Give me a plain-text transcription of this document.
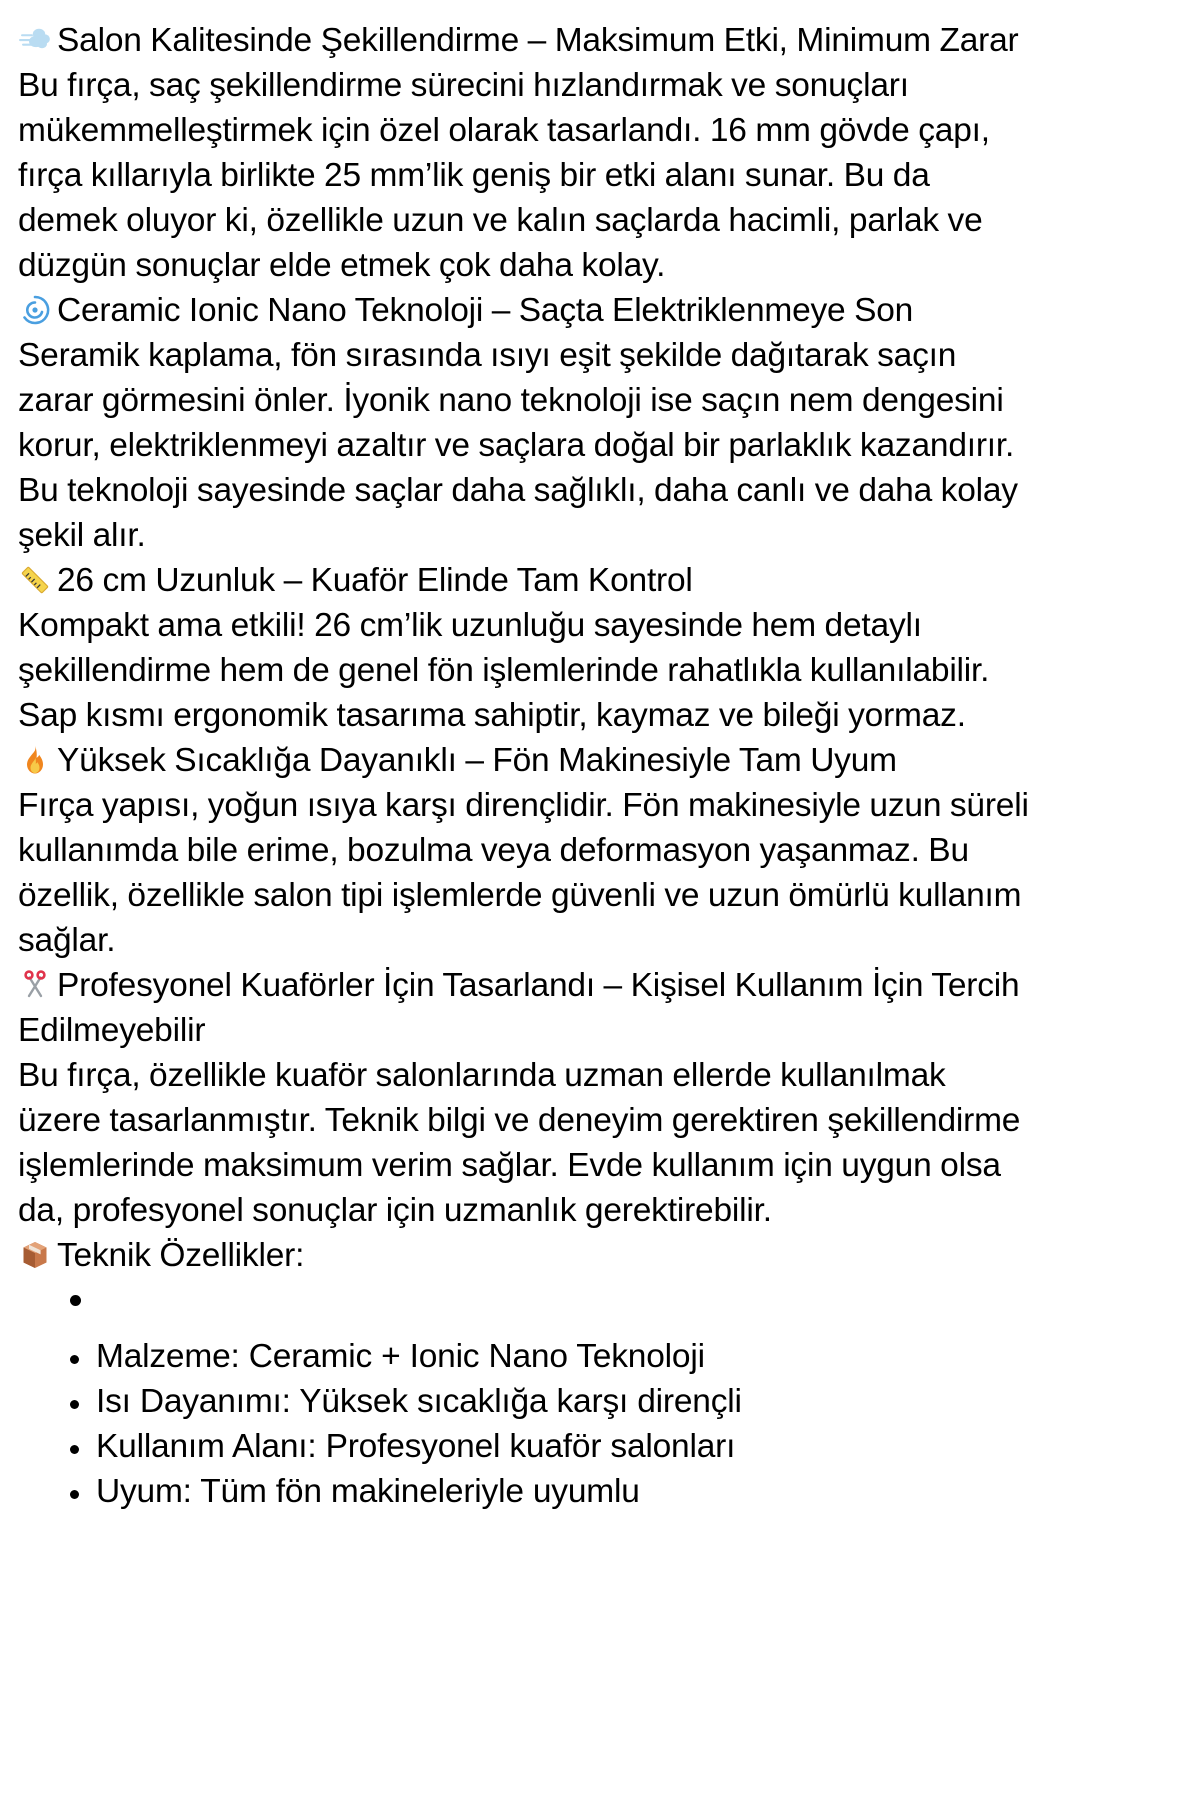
Salon Kalitesinde Şekillendirme – Maksimum Etki, Minimum Zarar

Bu fırça, saç şekillendirme sürecini hızlandırmak ve sonuçları mükemmelleştirmek için özel olarak tasarlandı. 16 mm gövde çapı, fırça kıllarıyla birlikte 25 mm’lik geniş bir etki alanı sunar. Bu da demek oluyor ki, özellikle uzun ve kalın saçlarda hacimli, parlak ve düzgün sonuçlar elde etmek çok daha kolay.

Ceramic Ionic Nano Teknoloji – Saçta Elektriklenmeye Son

Seramik kaplama, fön sırasında ısıyı eşit şekilde dağıtarak saçın zarar görmesini önler. İyonik nano teknoloji ise saçın nem dengesini korur, elektriklenmeyi azaltır ve saçlara doğal bir parlaklık kazandırır. Bu teknoloji sayesinde saçlar daha sağlıklı, daha canlı ve daha kolay şekil alır.

26 cm Uzunluk – Kuaför Elinde Tam Kontrol

Kompakt ama etkili! 26 cm’lik uzunluğu sayesinde hem detaylı şekillendirme hem de genel fön işlemlerinde rahatlıkla kullanılabilir. Sap kısmı ergonomik tasarıma sahiptir, kaymaz ve bileği yormaz.

Yüksek Sıcaklığa Dayanıklı – Fön Makinesiyle Tam Uyum

Fırça yapısı, yoğun ısıya karşı dirençlidir. Fön makinesiyle uzun süreli kullanımda bile erime, bozulma veya deformasyon yaşanmaz. Bu özellik, özellikle salon tipi işlemlerde güvenli ve uzun ömürlü kullanım sağlar.

Profesyonel Kuaförler İçin Tasarlandı – Kişisel Kullanım İçin Tercih Edilmeyebilir

Bu fırça, özellikle kuaför salonlarında uzman ellerde kullanılmak üzere tasarlanmıştır. Teknik bilgi ve deneyim gerektiren şekillendirme işlemlerinde maksimum verim sağlar. Evde kullanım için uygun olsa da, profesyonel sonuçlar için uzmanlık gerektirebilir.

Teknik Özellikler:

Malzeme: Ceramic + Ionic Nano Teknoloji
Isı Dayanımı: Yüksek sıcaklığa karşı dirençli
Kullanım Alanı: Profesyonel kuaför salonları
Uyum: Tüm fön makineleriyle uyumlu
